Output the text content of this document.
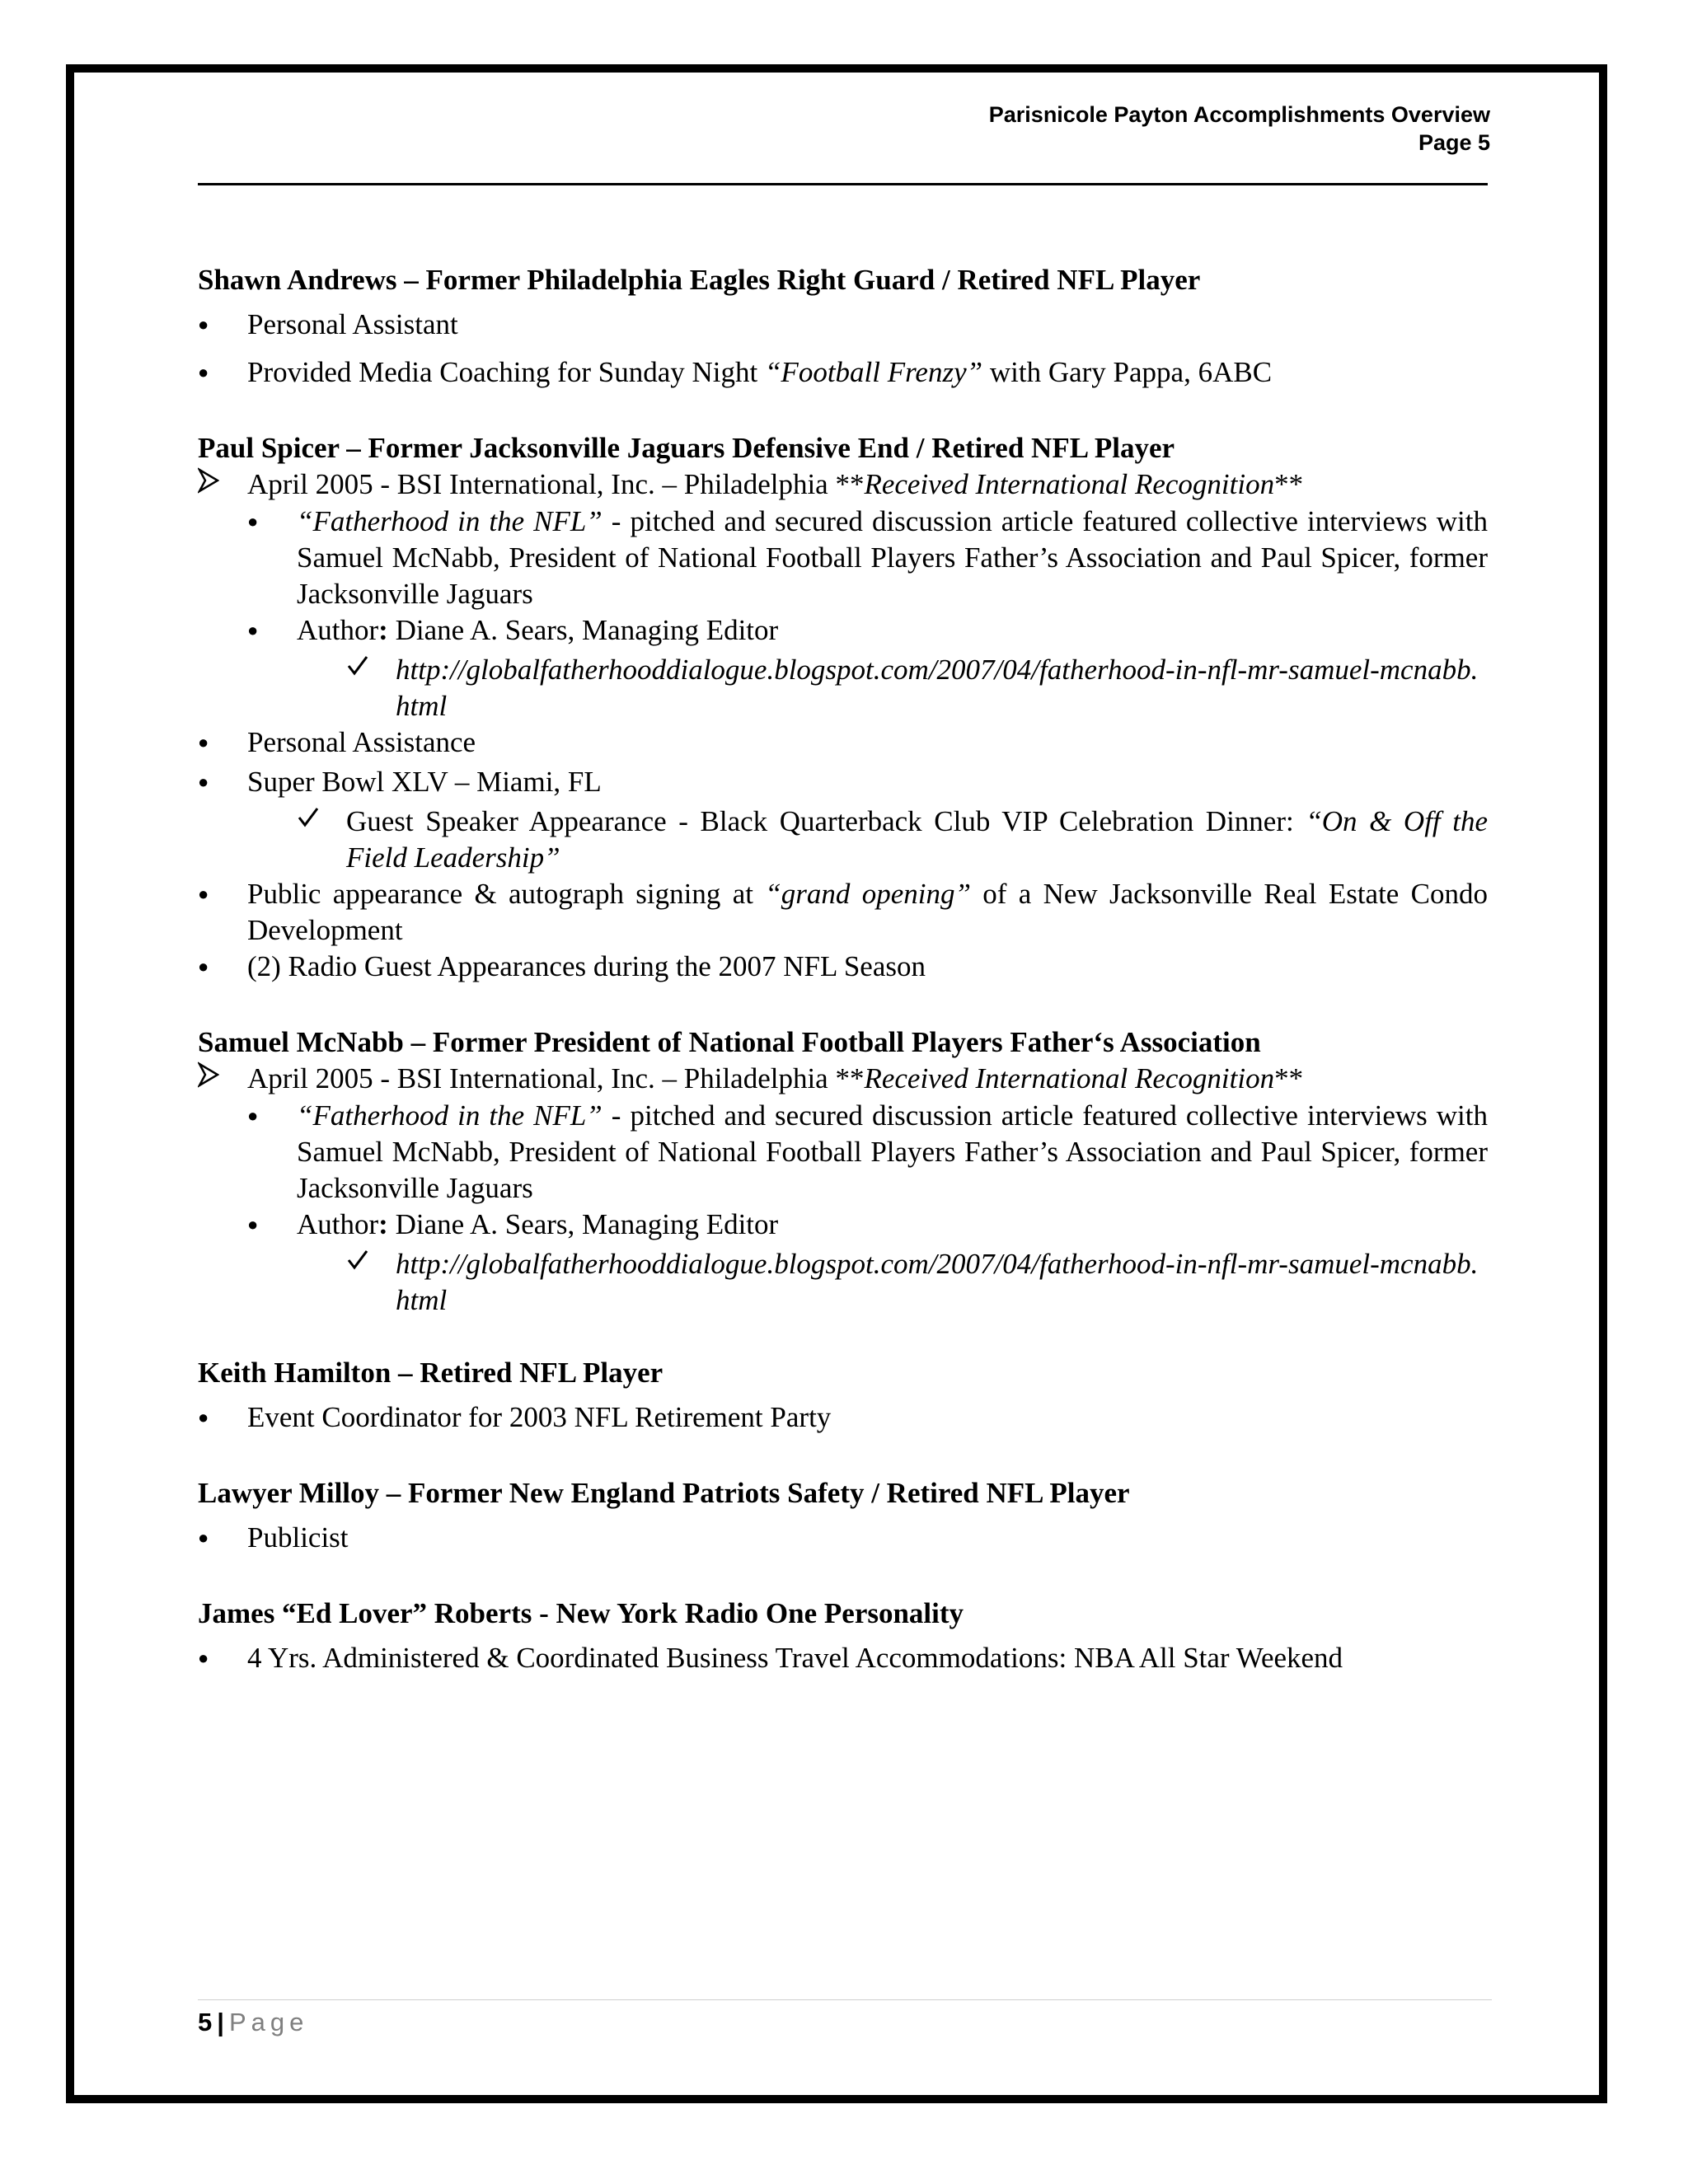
Parisnicole Payton Accomplishments Overview
Page 5

Shawn Andrews – Former Philadelphia Eagles Right Guard / Retired NFL Player

●	Personal Assistant
●	Provided Media Coaching for Sunday Night “Football Frenzy” with Gary Pappa, 6ABC

Paul Spicer – Former Jacksonville Jaguars Defensive End / Retired NFL Player

April 2005 - BSI International, Inc. – Philadelphia **Received International Recognition**
●	“Fatherhood in the NFL” - pitched and secured discussion article featured collective interviews with Samuel McNabb, President of National Football Players Father’s Association and Paul Spicer, former Jacksonville Jaguars
●	Author: Diane A. Sears, Managing Editor
http://globalfatherhooddialogue.blogspot.com/2007/04/fatherhood-in-nfl-mr-samuel-mcnabb.html
●	Personal Assistance
●	Super Bowl XLV – Miami, FL
Guest Speaker Appearance - Black Quarterback Club VIP Celebration Dinner: “On & Off the Field Leadership”
●	Public appearance & autograph signing at “grand opening” of a New Jacksonville Real Estate Condo Development
●	(2) Radio Guest Appearances during the 2007 NFL Season

Samuel McNabb – Former President of National Football Players Father‘s Association

April 2005 - BSI International, Inc. – Philadelphia **Received International Recognition**
●	“Fatherhood in the NFL” - pitched and secured discussion article featured collective interviews with Samuel McNabb, President of National Football Players Father’s Association and Paul Spicer, former Jacksonville Jaguars
●	Author: Diane A. Sears, Managing Editor
http://globalfatherhooddialogue.blogspot.com/2007/04/fatherhood-in-nfl-mr-samuel-mcnabb.html

Keith Hamilton – Retired NFL Player

●	Event Coordinator for 2003 NFL Retirement Party

Lawyer Milloy – Former New England Patriots Safety / Retired NFL Player

●	Publicist

James “Ed Lover” Roberts - New York Radio One Personality

●	4 Yrs. Administered & Coordinated Business Travel Accommodations: NBA All Star Weekend
5 | Page
